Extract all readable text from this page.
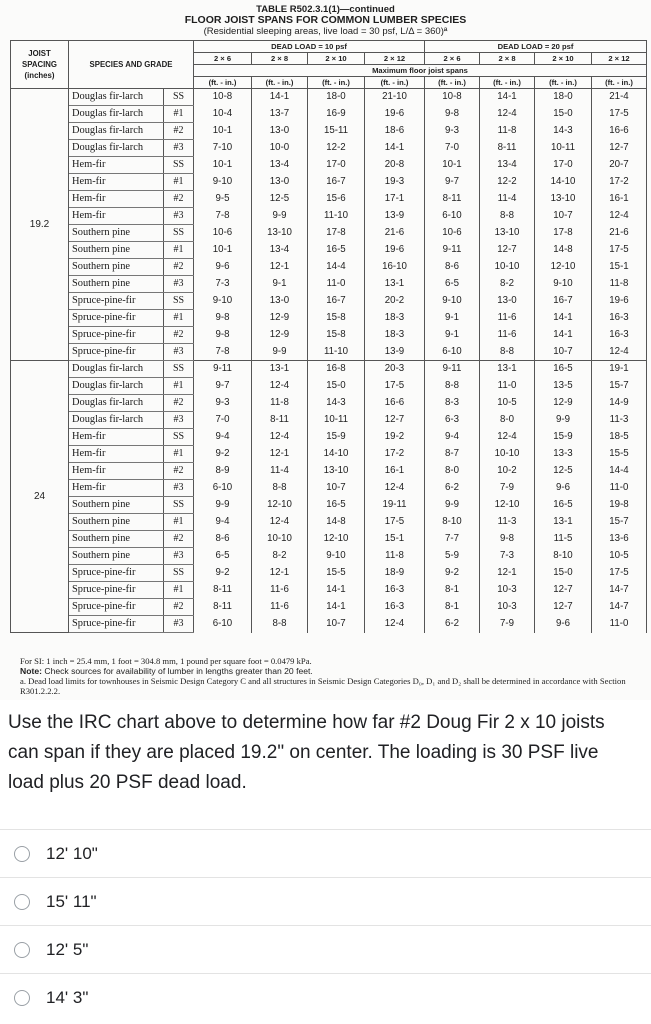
TABLE R502.3.1(1)—continued
FLOOR JOIST SPANS FOR COMMON LUMBER SPECIES
(Residential sleeping areas, live load = 30 psf, L/Δ = 360)ª
JOIST SPACING (inches)	SPECIES AND GRADE		DEAD LOAD = 10 psf				DEAD LOAD = 20 psf			
			2 × 6	2 × 8	2 × 10	2 × 12	2 × 6	2 × 8	2 × 10	2 × 12
			Maximum floor joist spans							
			(ft. - in.)	(ft. - in.)	(ft. - in.)	(ft. - in.)	(ft. - in.)	(ft. - in.)	(ft. - in.)	(ft. - in.)
19.2	Douglas fir-larch	SS	10-8	14-1	18-0	21-10	10-8	14-1	18-0	21-4
	Douglas fir-larch	#1	10-4	13-7	16-9	19-6	9-8	12-4	15-0	17-5
	Douglas fir-larch	#2	10-1	13-0	15-11	18-6	9-3	11-8	14-3	16-6
	Douglas fir-larch	#3	7-10	10-0	12-2	14-1	7-0	8-11	10-11	12-7
	Hem-fir	SS	10-1	13-4	17-0	20-8	10-1	13-4	17-0	20-7
	Hem-fir	#1	9-10	13-0	16-7	19-3	9-7	12-2	14-10	17-2
	Hem-fir	#2	9-5	12-5	15-6	17-1	8-11	11-4	13-10	16-1
	Hem-fir	#3	7-8	9-9	11-10	13-9	6-10	8-8	10-7	12-4
	Southern pine	SS	10-6	13-10	17-8	21-6	10-6	13-10	17-8	21-6
	Southern pine	#1	10-1	13-4	16-5	19-6	9-11	12-7	14-8	17-5
	Southern pine	#2	9-6	12-1	14-4	16-10	8-6	10-10	12-10	15-1
	Southern pine	#3	7-3	9-1	11-0	13-1	6-5	8-2	9-10	11-8
	Spruce-pine-fir	SS	9-10	13-0	16-7	20-2	9-10	13-0	16-7	19-6
	Spruce-pine-fir	#1	9-8	12-9	15-8	18-3	9-1	11-6	14-1	16-3
	Spruce-pine-fir	#2	9-8	12-9	15-8	18-3	9-1	11-6	14-1	16-3
	Spruce-pine-fir	#3	7-8	9-9	11-10	13-9	6-10	8-8	10-7	12-4
24	Douglas fir-larch	SS	9-11	13-1	16-8	20-3	9-11	13-1	16-5	19-1
	Douglas fir-larch	#1	9-7	12-4	15-0	17-5	8-8	11-0	13-5	15-7
	Douglas fir-larch	#2	9-3	11-8	14-3	16-6	8-3	10-5	12-9	14-9
	Douglas fir-larch	#3	7-0	8-11	10-11	12-7	6-3	8-0	9-9	11-3
	Hem-fir	SS	9-4	12-4	15-9	19-2	9-4	12-4	15-9	18-5
	Hem-fir	#1	9-2	12-1	14-10	17-2	8-7	10-10	13-3	15-5
	Hem-fir	#2	8-9	11-4	13-10	16-1	8-0	10-2	12-5	14-4
	Hem-fir	#3	6-10	8-8	10-7	12-4	6-2	7-9	9-6	11-0
	Southern pine	SS	9-9	12-10	16-5	19-11	9-9	12-10	16-5	19-8
	Southern pine	#1	9-4	12-4	14-8	17-5	8-10	11-3	13-1	15-7
	Southern pine	#2	8-6	10-10	12-10	15-1	7-7	9-8	11-5	13-6
	Southern pine	#3	6-5	8-2	9-10	11-8	5-9	7-3	8-10	10-5
	Spruce-pine-fir	SS	9-2	12-1	15-5	18-9	9-2	12-1	15-0	17-5
	Spruce-pine-fir	#1	8-11	11-6	14-1	16-3	8-1	10-3	12-7	14-7
	Spruce-pine-fir	#2	8-11	11-6	14-1	16-3	8-1	10-3	12-7	14-7
	Spruce-pine-fir	#3	6-10	8-8	10-7	12-4	6-2	7-9	9-6	11-0
For SI: 1 inch = 25.4 mm, 1 foot = 304.8 mm, 1 pound per square foot = 0.0479 kPa.
Note: Check sources for availability of lumber in lengths greater than 20 feet.
a. Dead load limits for townhouses in Seismic Design Category C and all structures in Seismic Design Categories D₀, D₁ and D₂ shall be determined in accordance with Section R301.2.2.2.
Use the IRC chart above to determine how far #2 Doug Fir 2 x 10 joists can span if they are placed 19.2" on center. The loading is 30 PSF live load plus 20 PSF dead load.
12' 10"
15' 11"
12' 5"
14' 3"
